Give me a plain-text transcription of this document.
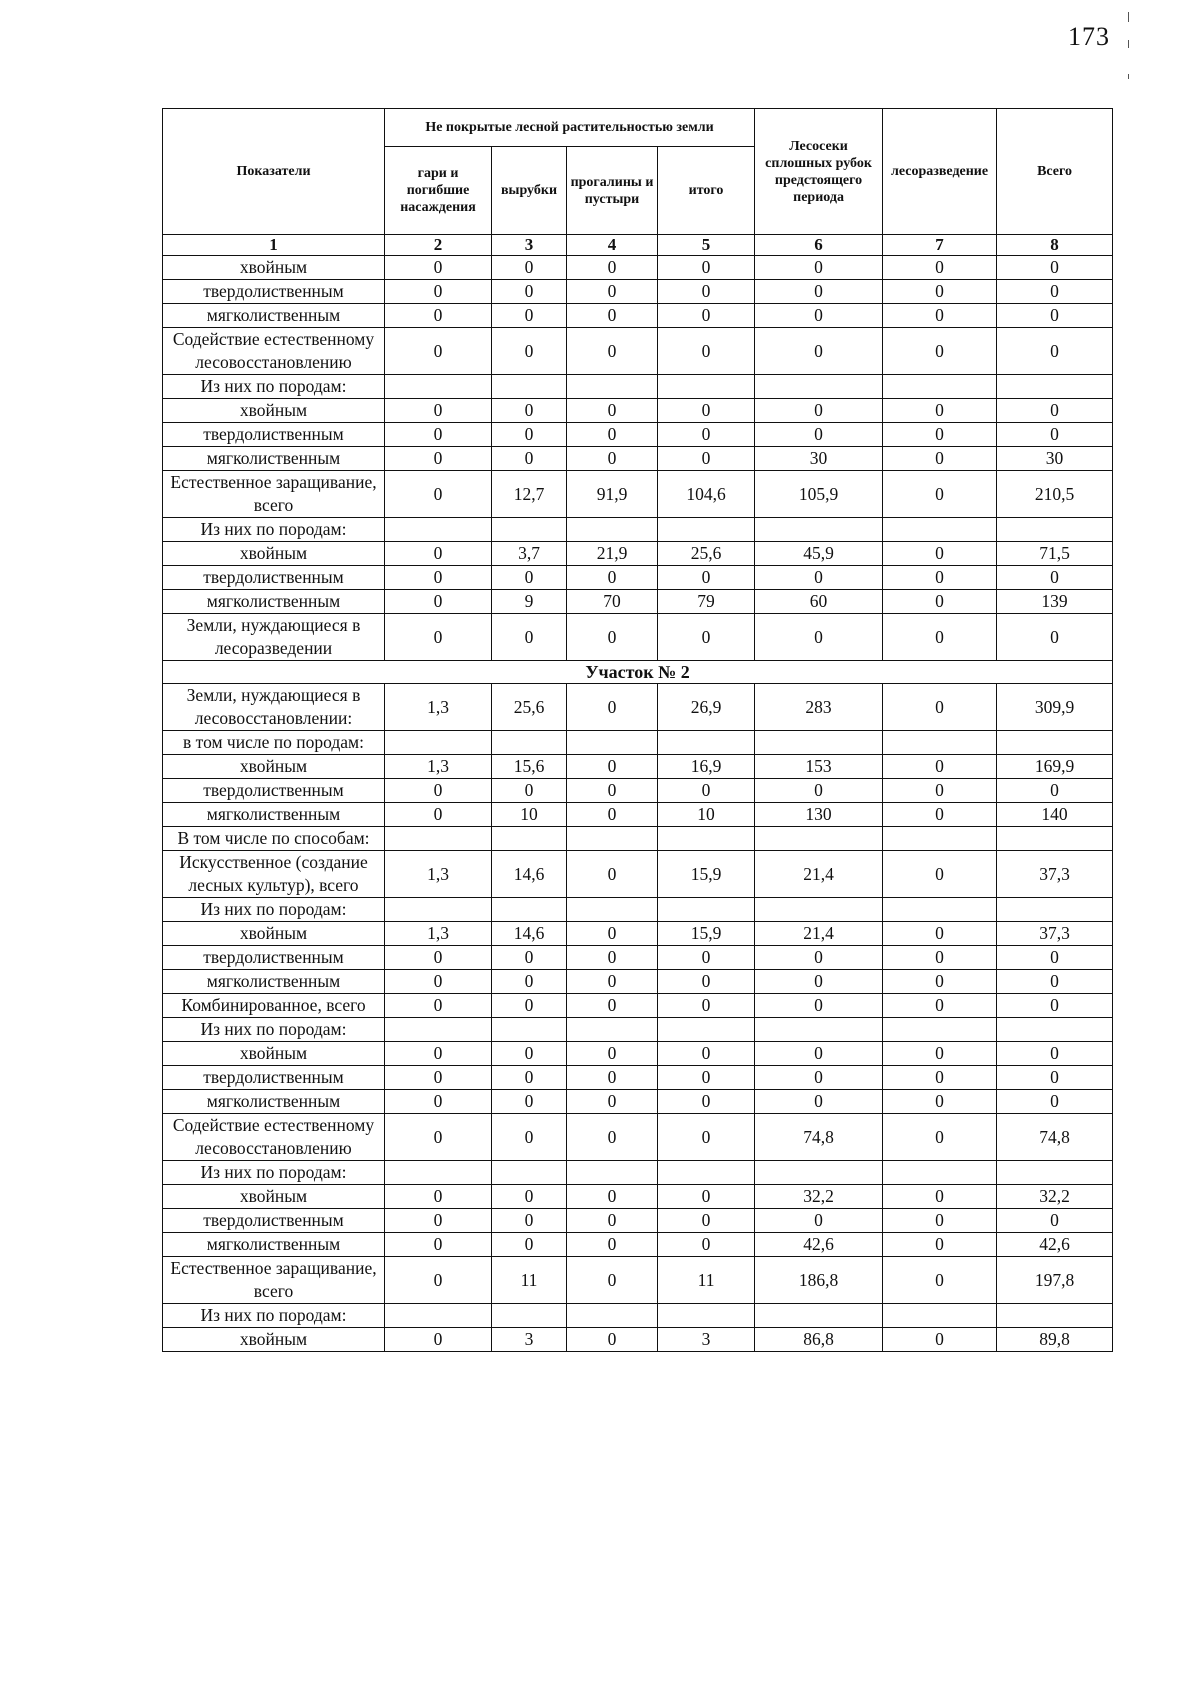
173
Показатели	Не покрытые лесной растительностью земли				Лесосеки сплошных рубок предстоящего периода	лесоразведение	Всего
	гари и погибшие насаждения	вырубки	прогалины и пустыри	итого			
1	2	3	4	5	6	7	8
хвойным	0	0	0	0	0	0	0
твердолиственным	0	0	0	0	0	0	0
мягколиственным	0	0	0	0	0	0	0
Содействие естественному лесовосстановлению	0	0	0	0	0	0	0
Из них по породам:							
хвойным	0	0	0	0	0	0	0
твердолиственным	0	0	0	0	0	0	0
мягколиственным	0	0	0	0	30	0	30
Естественное заращивание, всего	0	12,7	91,9	104,6	105,9	0	210,5
Из них по породам:							
хвойным	0	3,7	21,9	25,6	45,9	0	71,5
твердолиственным	0	0	0	0	0	0	0
мягколиственным	0	9	70	79	60	0	139
Земли, нуждающиеся в лесоразведении	0	0	0	0	0	0	0
Участок № 2							
Земли, нуждающиеся в лесовосстановлении:	1,3	25,6	0	26,9	283	0	309,9
в том числе по породам:							
хвойным	1,3	15,6	0	16,9	153	0	169,9
твердолиственным	0	0	0	0	0	0	0
мягколиственным	0	10	0	10	130	0	140
В том числе по способам:							
Искусственное (создание лесных культур), всего	1,3	14,6	0	15,9	21,4	0	37,3
Из них по породам:							
хвойным	1,3	14,6	0	15,9	21,4	0	37,3
твердолиственным	0	0	0	0	0	0	0
мягколиственным	0	0	0	0	0	0	0
Комбинированное, всего	0	0	0	0	0	0	0
Из них по породам:							
хвойным	0	0	0	0	0	0	0
твердолиственным	0	0	0	0	0	0	0
мягколиственным	0	0	0	0	0	0	0
Содействие естественному лесовосстановлению	0	0	0	0	74,8	0	74,8
Из них по породам:							
хвойным	0	0	0	0	32,2	0	32,2
твердолиственным	0	0	0	0	0	0	0
мягколиственным	0	0	0	0	42,6	0	42,6
Естественное заращивание, всего	0	11	0	11	186,8	0	197,8
Из них по породам:							
хвойным	0	3	0	3	86,8	0	89,8
